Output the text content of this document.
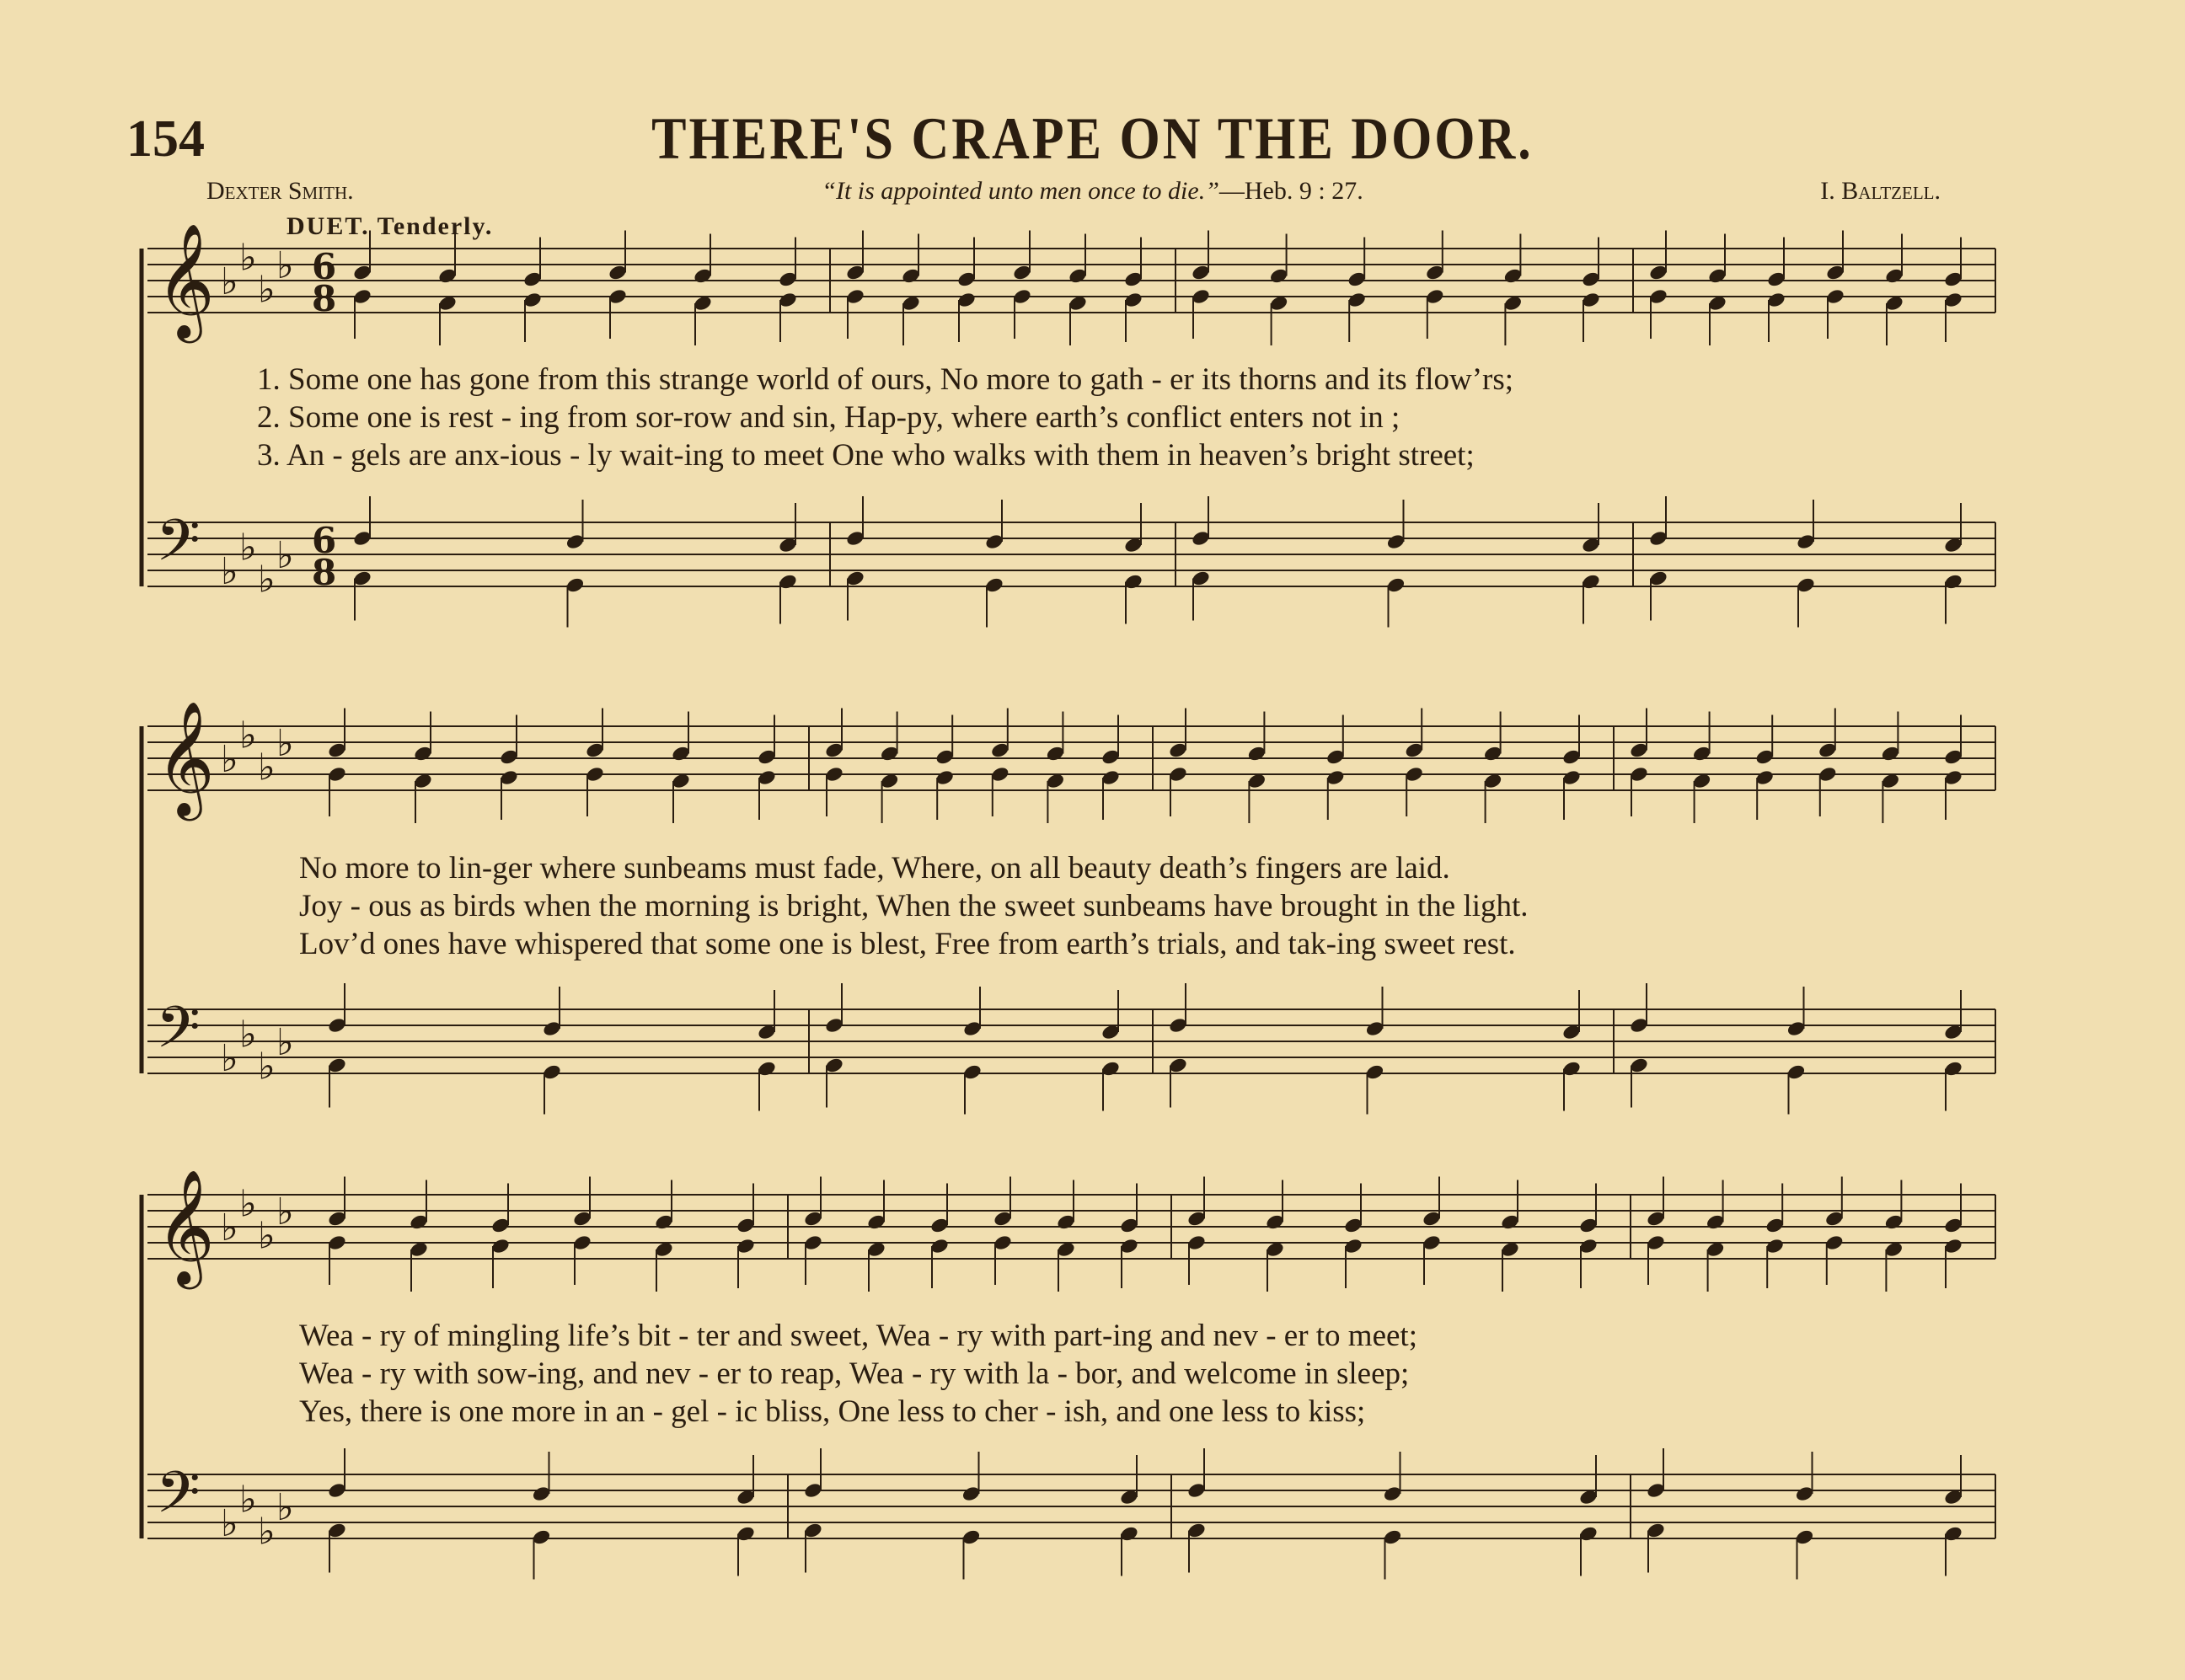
154	THERE'S CRAPE ON THE DOOR.
Dexter Smith.	“It is appointed unto men once to die.”—Heb. 9 : 27.	I. Baltzell.
DUET. Tenderly.
𝄞 ♭
♭
♭
♭ 6
8
𝄢 ♭
♭
♭
♭ 6
8
𝄞 ♭
♭
♭
♭
𝄢 ♭
♭
♭
♭
𝄞 ♭
♭
♭
♭
𝄢 ♭
♭
♭
♭
1. Some one has gone from this strange world of ours, No more to gath - er its thorns and its flow’rs;
2. Some one is rest - ing from sor-row and sin, Hap-py, where earth’s conflict enters not in ;
3. An - gels are anx-ious - ly wait-ing to meet One who walks with them in heaven’s bright street;
No more to lin-ger where sunbeams must fade, Where, on all beauty death’s fingers are laid.
Joy - ous as birds when the morning is bright, When the sweet sunbeams have brought in the light.
Lov’d ones have whispered that some one is blest, Free from earth’s trials, and tak-ing sweet rest.
Wea - ry of mingling life’s bit - ter and sweet, Wea - ry with part-ing and nev - er to meet;
Wea - ry with sow-ing, and nev - er to reap, Wea - ry with la - bor, and welcome in sleep;
Yes, there is one more in an - gel - ic bliss, One less to cher - ish, and one less to kiss;
